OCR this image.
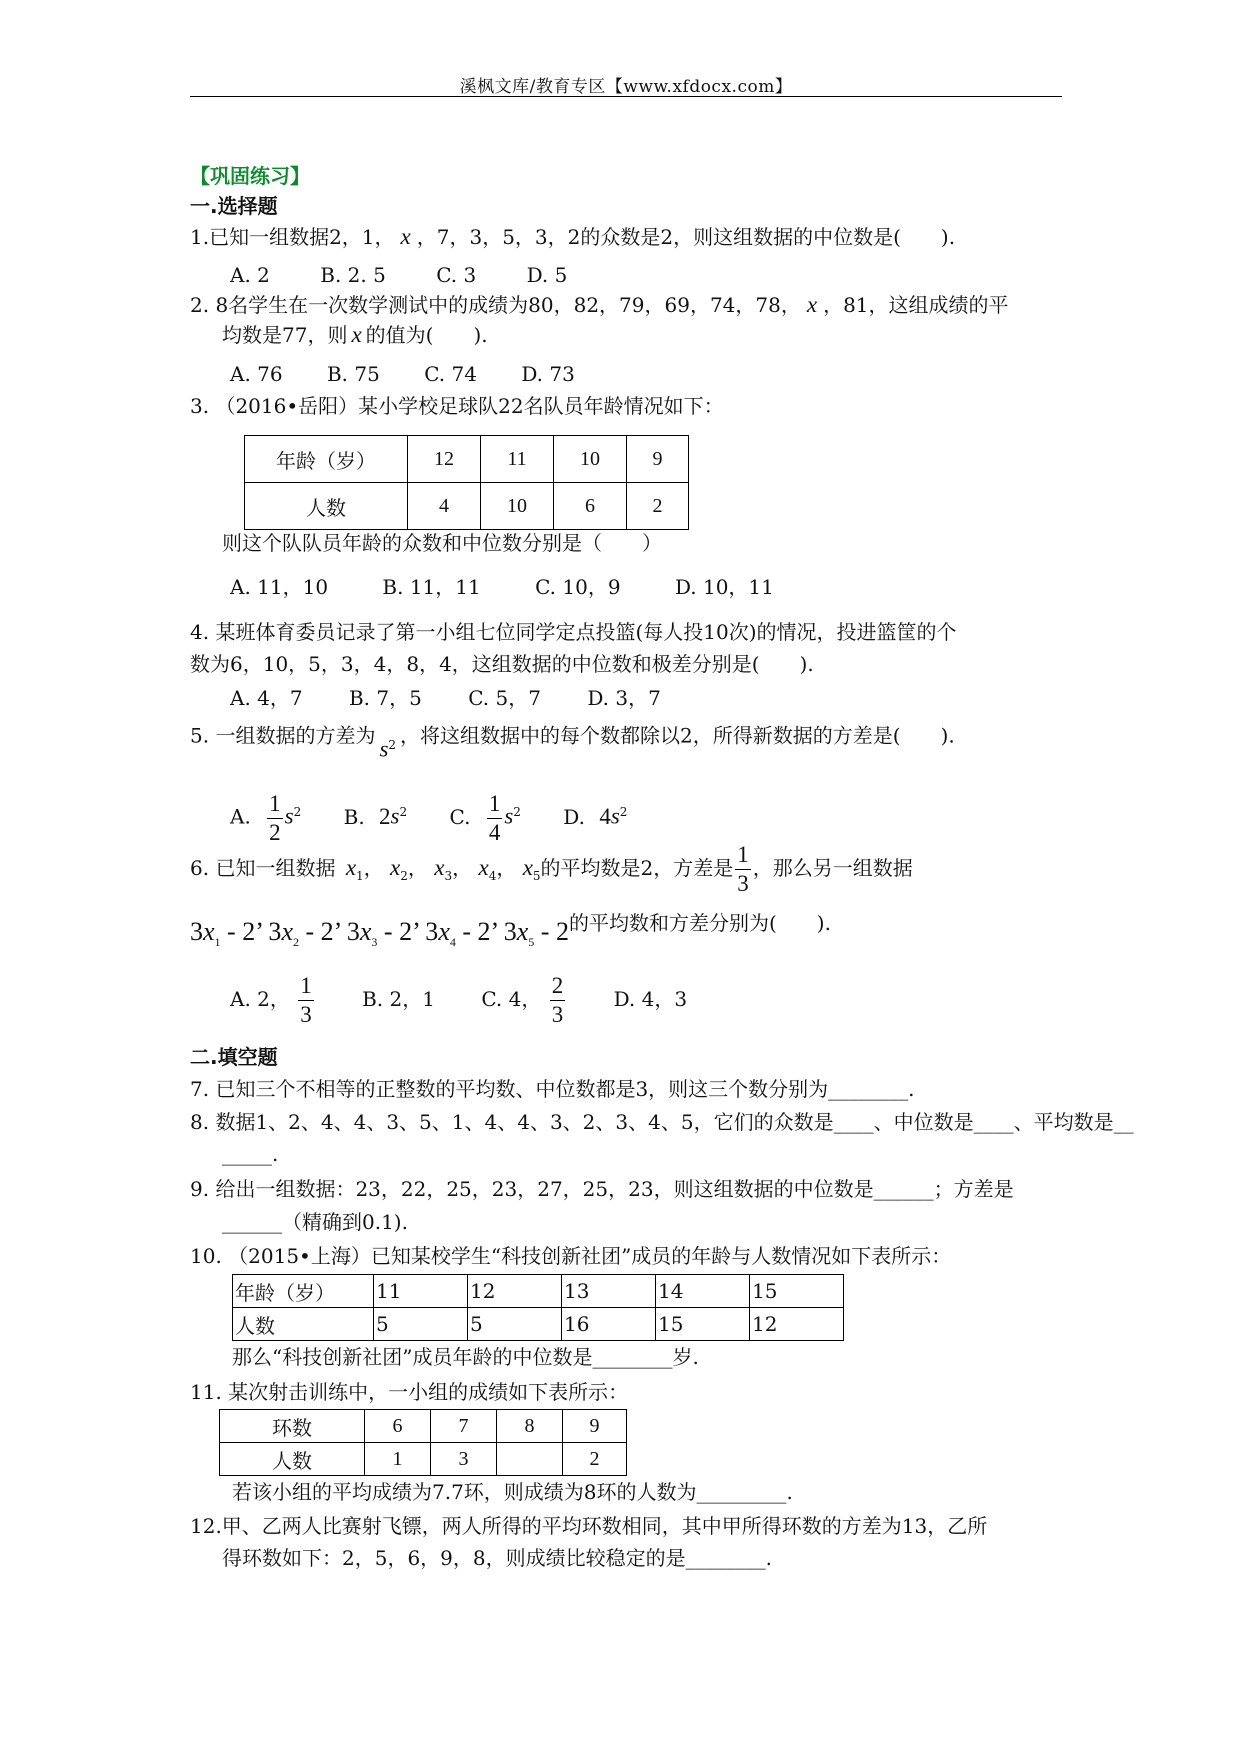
溪枫文库/教育专区【www.xfdocx.com】
【巩固练习】
一.选择题
1.已知一组数据2，1， x ，7，3，5，3，2的众数是2，则这组数据的中位数是(　　).
A. 2	B. 2. 5	C. 3	D. 5
2. 8名学生在一次数学测试中的成绩为80，82，79，69，74，78， x ，81，这组成绩的平
均数是77，则 x 的值为(　　).
A. 76 B. 75 C. 74 D. 73
3. （2016•岳阳）某小学校足球队22名队员年龄情况如下：
年龄（岁）	12	11	10	9
人数	4	10	6	2
则这个队队员年龄的众数和中位数分别是（　　）
A. 11，10	B. 11，11	C. 10，9	D. 10，11
4. 某班体育委员记录了第一小组七位同学定点投篮(每人投10次)的情况，投进篮筐的个
数为6，10，5，3，4，8，4，这组数据的中位数和极差分别是(　　).
A. 4，7 B. 7，5 C. 5，7 D. 3，7
5. 一组数据的方差为$s^2$ ，将这组数据中的每个数都除以2，所得新数据的方差是(　　).
A. $\frac{1}{2} s^2$ B. $2s^2$ C. $\frac{1}{4} s^2$ D. $4s^2$
6. 已知一组数据 $x_1$， $x_2$， $x_3$， $x_4$， $x_5$的平均数是2，方差是 $\frac{1}{3}$ ，那么另一组数据
$3x_1 - 2$’ $3x_2 - 2$’ $3x_3 - 2$’ $3x_4 - 2$’ $3x_5 - 2$的平均数和方差分别为(　　).
A. 2， $\frac{1}{3} B$. 2，1 C. 4， $\frac{2}{3} D$. 4，3
二.填空题
7. 已知三个不相等的正整数的平均数、中位数都是3，则这三个数分别为________.
8. 数据1、2、4、4、3、5、1、4、4、3、2、3、4、5，它们的众数是____、中位数是____、平均数是__
_____.
9. 给出一组数据：23，22，25，23，27，25，23，则这组数据的中位数是______；方差是
______（精确到0.1).
10. （2015•上海）已知某校学生“科技创新社团”成员的年龄与人数情况如下表所示：
年龄（岁）	11	12	13	14	15
人数	5	5	16	15	12
那么“科技创新社团”成员年龄的中位数是________岁.
11. 某次射击训练中，一小组的成绩如下表所示：
环数	6	7	8	9
人数	1	3		2
若该小组的平均成绩为7.7环，则成绩为8环的人数为_________.
12.甲、乙两人比赛射飞镖，两人所得的平均环数相同，其中甲所得环数的方差为13，乙所
得环数如下：2，5，6，9，8，则成绩比较稳定的是________.
